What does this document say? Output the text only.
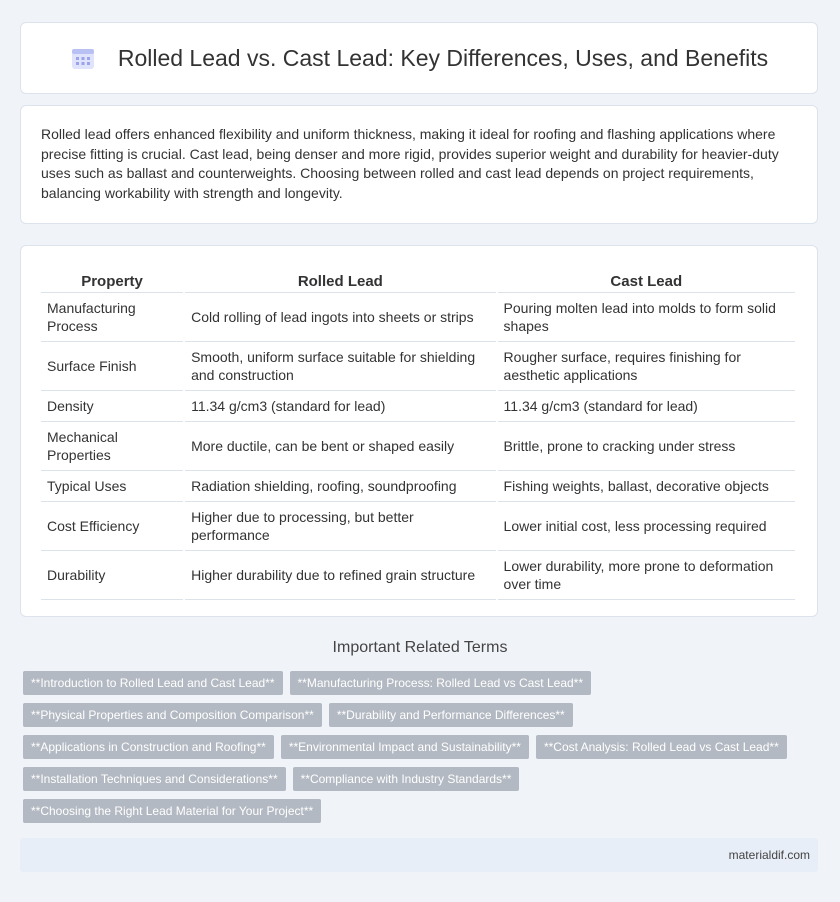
Rolled Lead vs. Cast Lead: Key Differences, Uses, and Benefits

Rolled lead offers enhanced flexibility and uniform thickness, making it ideal for roofing and flashing applications where precise fitting is crucial. Cast lead, being denser and more rigid, provides superior weight and durability for heavier-duty uses such as ballast and counterweights. Choosing between rolled and cast lead depends on project requirements, balancing workability with strength and longevity.

Property	Rolled Lead	Cast Lead
Manufacturing Process	Cold rolling of lead ingots into sheets or strips	Pouring molten lead into molds to form solid shapes
Surface Finish	Smooth, uniform surface suitable for shielding and construction	Rougher surface, requires finishing for aesthetic applications
Density	11.34 g/cm3 (standard for lead)	11.34 g/cm3 (standard for lead)
Mechanical Properties	More ductile, can be bent or shaped easily	Brittle, prone to cracking under stress
Typical Uses	Radiation shielding, roofing, soundproofing	Fishing weights, ballast, decorative objects
Cost Efficiency	Higher due to processing, but better performance	Lower initial cost, less processing required
Durability	Higher durability due to refined grain structure	Lower durability, more prone to deformation over time
Important Related Terms
**Introduction to Rolled Lead and Cast Lead**	**Manufacturing Process: Rolled Lead vs Cast Lead**
**Physical Properties and Composition Comparison**	**Durability and Performance Differences**
**Applications in Construction and Roofing**	**Environmental Impact and Sustainability**	**Cost Analysis: Rolled Lead vs Cast Lead**
**Installation Techniques and Considerations**	**Compliance with Industry Standards**
**Choosing the Right Lead Material for Your Project**
materialdif.com
